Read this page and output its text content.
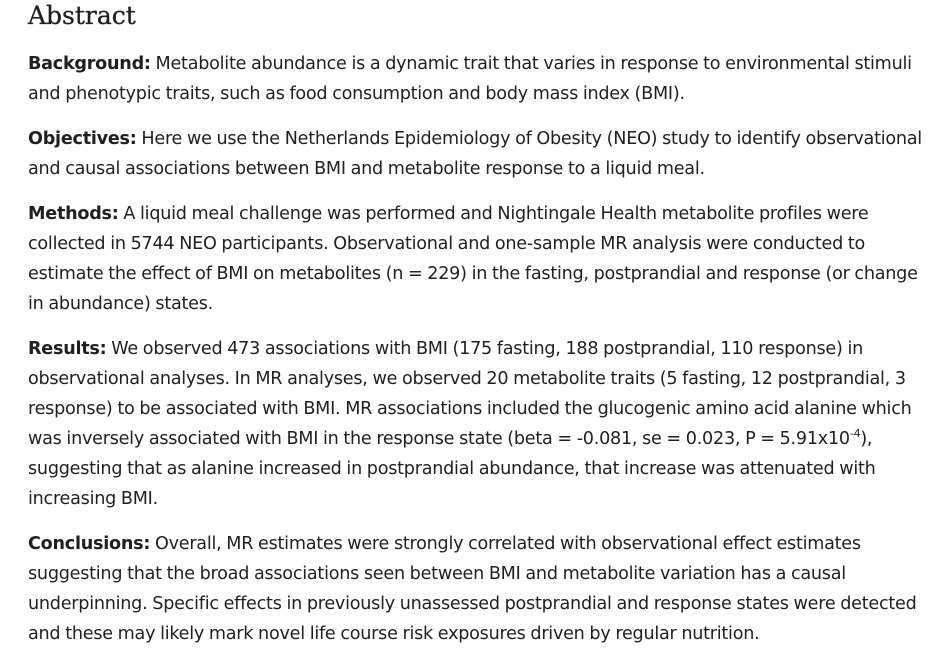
Abstract

Background: Metabolite abundance is a dynamic trait that varies in response to environmental stimuli and phenotypic traits, such as food consumption and body mass index (BMI).

Objectives: Here we use the Netherlands Epidemiology of Obesity (NEO) study to identify observational and causal associations between BMI and metabolite response to a liquid meal.

Methods: A liquid meal challenge was performed and Nightingale Health metabolite profiles were collected in 5744 NEO participants. Observational and one-sample MR analysis were conducted to estimate the effect of BMI on metabolites (n = 229) in the fasting, postprandial and response (or change in abundance) states.

Results: We observed 473 associations with BMI (175 fasting, 188 postprandial, 110 response) in observational analyses. In MR analyses, we observed 20 metabolite traits (5 fasting, 12 postprandial, 3 response) to be associated with BMI. MR associations included the glucogenic amino acid alanine which was inversely associated with BMI in the response state (beta = -0.081, se = 0.023, $P = 5.91x10^{-4}$), suggesting that as alanine increased in postprandial abundance, that increase was attenuated with increasing BMI.

Conclusions: Overall, MR estimates were strongly correlated with observational effect estimates suggesting that the broad associations seen between BMI and metabolite variation has a causal underpinning. Specific effects in previously unassessed postprandial and response states were detected and these may likely mark novel life course risk exposures driven by regular nutrition.
